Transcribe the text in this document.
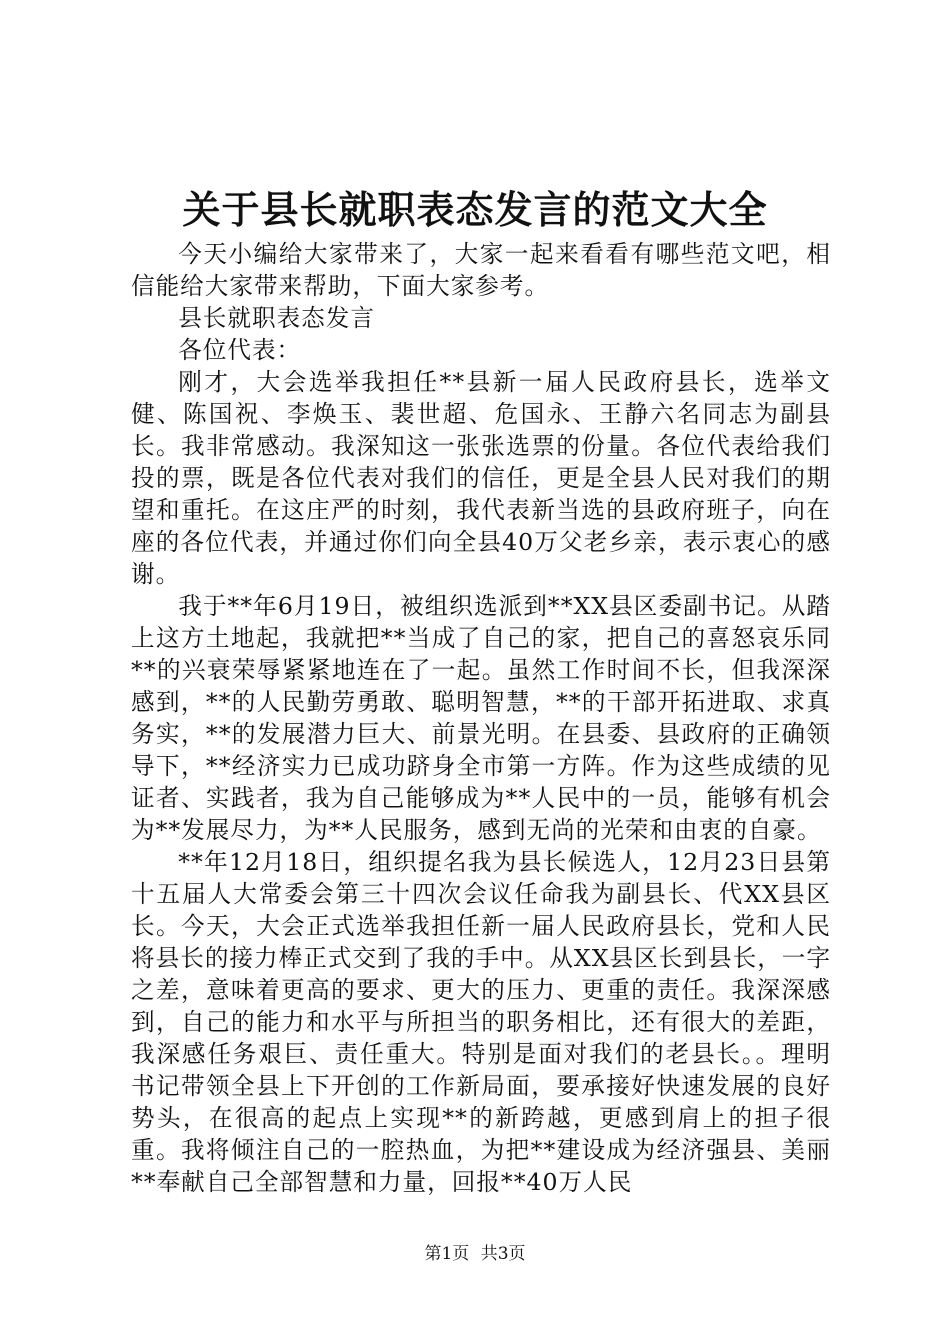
关于县长就职表态发言的范文大全

今天小编给大家带来了，大家一起来看看有哪些范文吧，相信能给大家带来帮助，下面大家参考。

县长就职表态发言

各位代表：

刚才，大会选举我担任**县新一届人民政府县长，选举文健、陈国祝、李焕玉、裴世超、危国永、王静六名同志为副县长。我非常感动。我深知这一张张选票的份量。各位代表给我们投的票，既是各位代表对我们的信任，更是全县人民对我们的期望和重托。在这庄严的时刻，我代表新当选的县政府班子，向在座的各位代表，并通过你们向全县40万父老乡亲，表示衷心的感谢。

我于**年6月19日，被组织选派到**XX县区委副书记。从踏上这方土地起，我就把**当成了自己的家，把自己的喜怒哀乐同**的兴衰荣辱紧紧地连在了一起。虽然工作时间不长，但我深深感到，**的人民勤劳勇敢、聪明智慧，**的干部开拓进取、求真务实，**的发展潜力巨大、前景光明。在县委、县政府的正确领导下，**经济实力已成功跻身全市第一方阵。作为这些成绩的见证者、实践者，我为自己能够成为**人民中的一员，能够有机会为**发展尽力，为**人民服务，感到无尚的光荣和由衷的自豪。

**年12月18日，组织提名我为县长候选人，12月23日县第十五届人大常委会第三十四次会议任命我为副县长、代XX县区长。今天，大会正式选举我担任新一届人民政府县长，党和人民将县长的接力棒正式交到了我的手中。从XX县区长到县长，一字之差，意味着更高的要求、更大的压力、更重的责任。我深深感到，自己的能力和水平与所担当的职务相比，还有很大的差距，我深感任务艰巨、责任重大。特别是面对我们的老县长。。理明书记带领全县上下开创的工作新局面，要承接好快速发展的良好势头，在很高的起点上实现**的新跨越，更感到肩上的担子很重。我将倾注自己的一腔热血，为把**建设成为经济强县、美丽**奉献自己全部智慧和力量，回报**40万人民

第1页 共3页
